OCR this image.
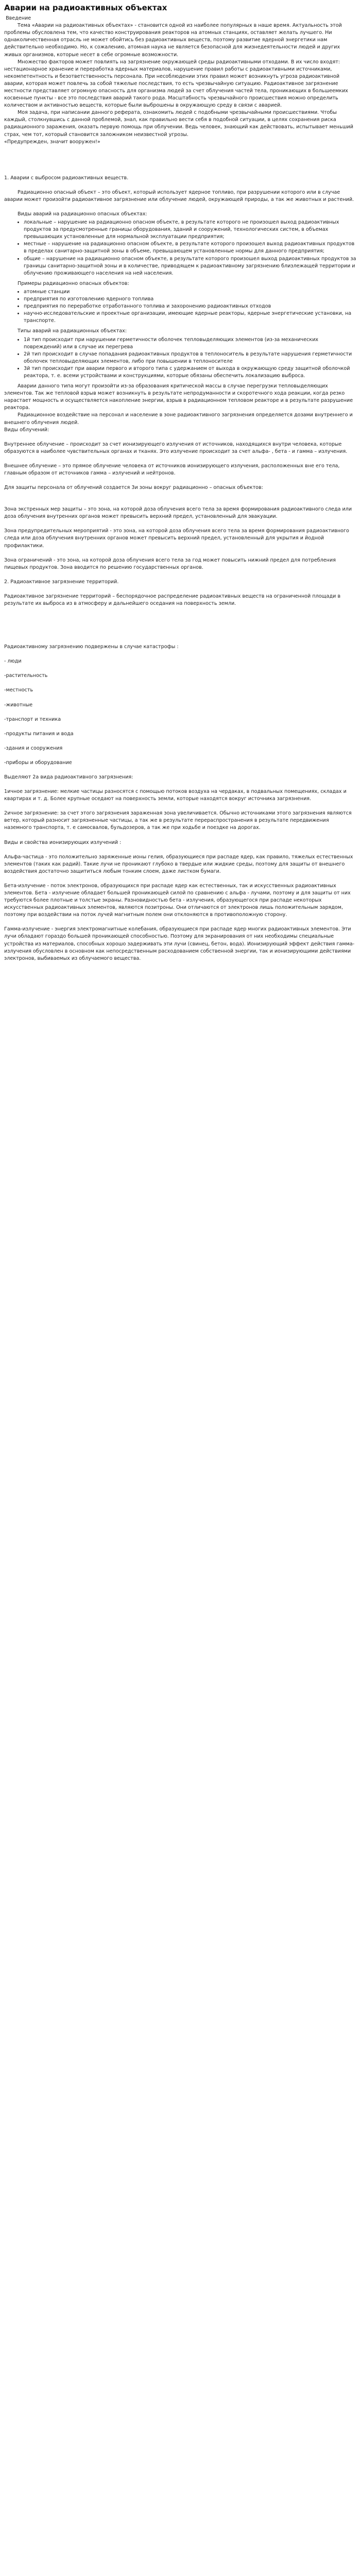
Аварии на радиоактивных объектах

Введение

Тема «Аварии на радиоактивных объектах» - становится одной из наиболее популярных в наше время. Актуальность этой проблемы обусловлена тем, что качество конструирования реакторов на атомных станциях, оставляет желать лучшего. Ни однаколичественная отрасль не может обойтись без радиоактивных веществ, поэтому развитие ядерной энергетики нам действительно необходимо. Но, к сожалению, атомная наука не является безопасной для жизнедеятельности людей и других живых организмов, которые несет в себе огромные возможности.

Множество факторов может повлиять на загрязнение окружающей среды радиоактивными отходами. В их число входят: нестационарное хранение и переработка ядерных материалов, нарушение правил работы с радиоактивными источниками, некомпетентность и безответственность персонала. При несоблюдении этих правил может возникнуть угроза радиоактивной аварии, которая может повлечь за собой тяжелые последствия, то есть чрезвычайную ситуацию. Радиоактивное загрязнение местности представляет огромную опасность для организма людей за счет облучения частей тела, проникающих в большеемких косвенные пункты - все это последствия аварий такого рода. Масштабность чрезвычайного происшествия можно определить количеством и активностью веществ, которые были выброшены в окружающую среду в связи с аварией.

Моя задача, при написании данного реферата, ознакомить людей с подобными чрезвычайными происшествиями. Чтобы каждый, столкнувшись с данной проблемой, знал, как правильно вести себя в подобной ситуации, в целях сохранения риска радиационного заражения, оказать первую помощь при облучении. Ведь человек, знающий как действовать, испытывает меньший страх, чем тот, который становится заложником неизвестной угрозы.

«Предупрежден, значит вооружен!»

1. Аварии с выбросом радиоактивных веществ.

Радиационно опасный объект – это объект, который использует ядерное топливо, при разрушении которого или в случае аварии может произойти радиоактивное загрязнение или облучение людей, окружающей природы, а так же животных и растений.

Виды аварий на радиационно опасных объектах:

• локальные – нарушение на радиационно опасном объекте, в результате которого не произошел выход радиоактивных продуктов за предусмотренные границы оборудования, зданий и сооружений, технологических систем, в объемах превышающих установленные для нормальной эксплуатации предприятия;
• местные – нарушение на радиационно опасном объекте, в результате которого произошел выход радиоактивных продуктов в пределах санитарно-защитной зоны в объеме, превышающем установленные нормы для данного предприятия;
• общие – нарушение на радиационно опасном объекте, в результате которого произошел выход радиоактивных продуктов за границы санитарно-защитной зоны и в количестве, приводящем к радиоактивному загрязнению близлежащей территории и облучению проживающего населения на ней населения.

Примеры радиационно опасных объектов:

• атомные станции
• предприятия по изготовлению ядерного топлива
• предприятия по переработке отработанного топлива и захоронению радиоактивных отходов
• научно-исследовательские и проектные организации, имеющие ядерные реакторы, ядерные энергетические установки, на транспорте.

Типы аварий на радиационных объектах:

• 1й тип происходит при нарушении герметичности оболочек тепловыделяющих элементов (из-за механических повреждений) или в случае их перегрева
• 2й тип происходит в случае попадания радиоактивных продуктов в теплоноситель в результате нарушения герметичности оболочек тепловыделяющих элементов, либо при повышении в теплоносителе
• 3й тип происходит при аварии первого и второго типа с удержанием от выхода в окружающую среду защитной оболочкой реактора, т. е. всеми устройствами и конструкциями, которые обязаны обеспечить локализацию выброса.

Аварии данного типа могут произойти из-за образования критической массы в случае перегрузки тепловыделяющих элементов. Так же тепловой взрыв может возникнуть в результате непродуманности и скоротечного хода реакции, когда резко нарастает мощность и осуществляется накопление энергии, взрыв в радиационном тепловом реакторе и в результате разрушение реактора.

Радиационное воздействие на персонал и население в зоне радиоактивного загрязнения определяется дозами внутреннего и внешнего облучения людей.

Виды облучений:

Внутреннее облучение – происходит за счет ионизирующего излучения от источников, находящихся внутри человека, которые образуются в наиболее чувствительных органах и тканях. Это излучение происходит за счет альфа- , бета - и гамма – излучения.

Внешнее облучение – это прямое облучение человека от источников ионизирующего излучения, расположенных вне его тела, главным образом от источников гамма – излучений и нейтронов.

Для защиты персонала от облучений создается 3и зоны вокруг радиационно – опасных объектов:

Зона экстренных мер защиты – это зона, на которой доза облучения всего тела за время формирования радиоактивного следа или доза облучения внутренних органов может превысить верхний предел, установленный для эвакуации.

Зона предупредительных мероприятий - это зона, на которой доза облучения всего тела за время формирования радиоактивного следа или доза облучения внутренних органов может превысить верхний предел, установленный для укрытия и йодной профилактики.

Зона ограничений - это зона, на которой доза облучения всего тела за год может повысить нижний предел для потребления пищевых продуктов. Зона вводится по решению государственных органов.

2. Радиоактивное загрязнение территорий.

Радиоактивное загрязнение территорий – беспорядочное распределение радиоактивных веществ на ограниченной площади в результате их выброса из в атмосферу и дальнейшего оседания на поверхность земли.

Радиоактивному загрязнению подвержены в случае катастрофы :

- люди

-растительность

-местность

-животные

-транспорт и техника

-продукты питания и вода

-здания и сооружения

-приборы и оборудование

Выделяют 2а вида радиоактивного загрязнения:

1ичное загрязнение: мелкие частицы разносятся с помощью потоков воздуха на чердаках, в подвальных помещениях, складах и квартирах и т. д. Более крупные оседают на поверхность земли, которые находятся вокруг источника загрязнения.

2ичное загрязнение: за счет этого загрязнения зараженная зона увеличивается. Обычно источниками этого загрязнения являются ветер, который разносит загрязненные частицы, а так же в результате перераспространения в результате передвижения наземного транспорта, т. е самосвалов, бульдозеров, а так же при ходьбе и поездке на дорогах.

Виды и свойства ионизирующих излучений :

Альфа-частица - это положительно заряженные ионы гелия, образующиеся при распаде ядер, как правило, тяжелых естественных элементов (таких как радий). Такие лучи не проникают глубоко в твердые или жидкие среды, поэтому для защиты от внешнего воздействия достаточно защититься любым тонким слоем, даже листком бумаги.

Бета-излучение - поток электронов, образующихся при распаде ядер как естественных, так и искусственных радиоактивных элементов. Бета - излучение обладает большей проникающей силой по сравнению с альфа - лучами, поэтому и для защиты от них требуются более плотные и толстые экраны. Разновидностью бета - излучения, образующегося при распаде некоторых искусственных радиоактивных элементов, являются позитроны. Они отличаются от электронов лишь положительным зарядом, поэтому при воздействии на поток лучей магнитным полем они отклоняются в противоположную сторону.

Гамма-излучение - энергия электромагнитные колебания, образующиеся при распаде ядер многих радиоактивных элементов. Эти лучи обладают гораздо большей проникающей способностью. Поэтому для экранирования от них необходимы специальные устройства из материалов, способных хорошо задерживать эти лучи (свинец, бетон, вода). Ионизирующий эффект действия гамма-излучения обусловлен в основном как непосредственным расходованием собственной энергии, так и ионизирующими действиями электронов, выбиваемых из облучаемого вещества.
